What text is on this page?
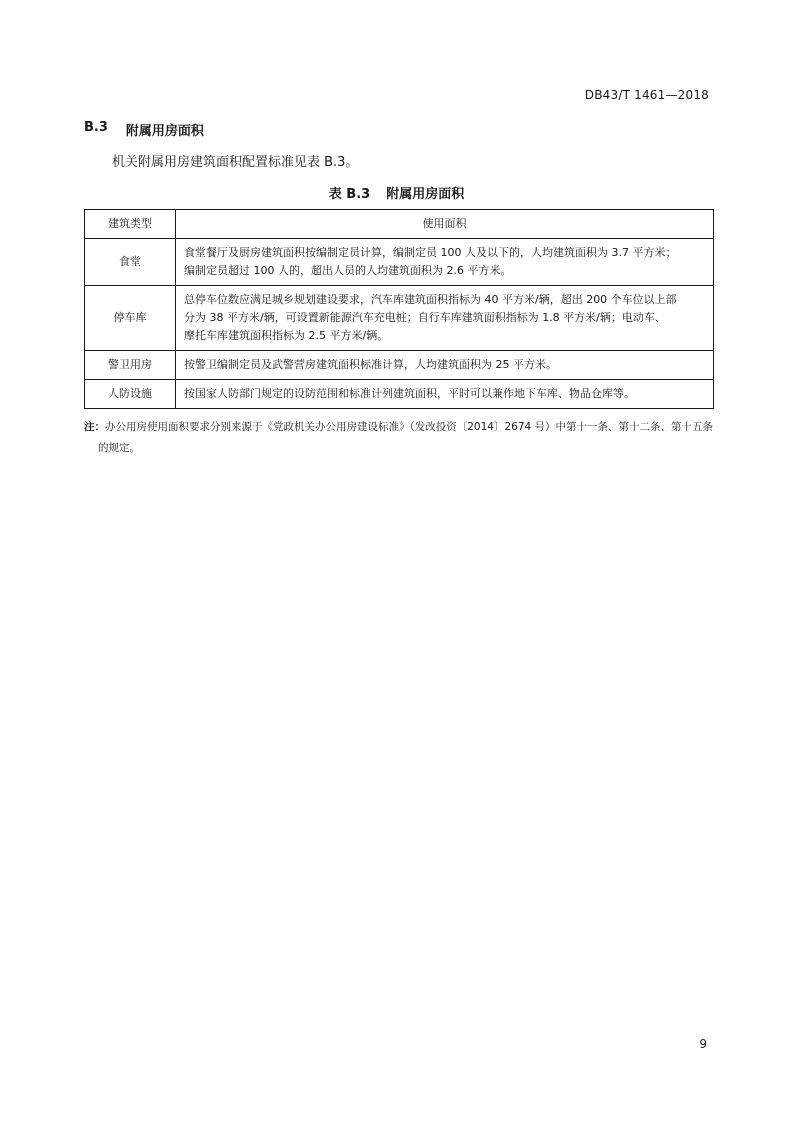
DB43/T 1461—2018
B.3 附属用房面积
机关附属用房建筑面积配置标准见表 B.3。
表 B.3 附属用房面积
建筑类型	使用面积
食堂	食堂餐厅及厨房建筑面积按编制定员计算，编制定员 100 人及以下的，人均建筑面积为 3.7 平方米；
编制定员超过 100 人的，超出人员的人均建筑面积为 2.6 平方米。

停车库	总停车位数应满足城乡规划建设要求，汽车库建筑面积指标为 40 平方米/辆，超出 200 个车位以上部
分为 38 平方米/辆，可设置新能源汽车充电桩；自行车库建筑面积指标为 1.8 平方米/辆；电动车、
摩托车库建筑面积指标为 2.5 平方米/辆。

警卫用房	按警卫编制定员及武警营房建筑面积标准计算，人均建筑面积为 25 平方米。

人防设施	按国家人防部门规定的设防范围和标准计列建筑面积，平时可以兼作地下车库、物品仓库等。
注：办公用房使用面积要求分别来源于《党政机关办公用房建设标准》（发改投资〔2014〕2674 号）中第十一条、第十二条、第十五条
的规定。
9
